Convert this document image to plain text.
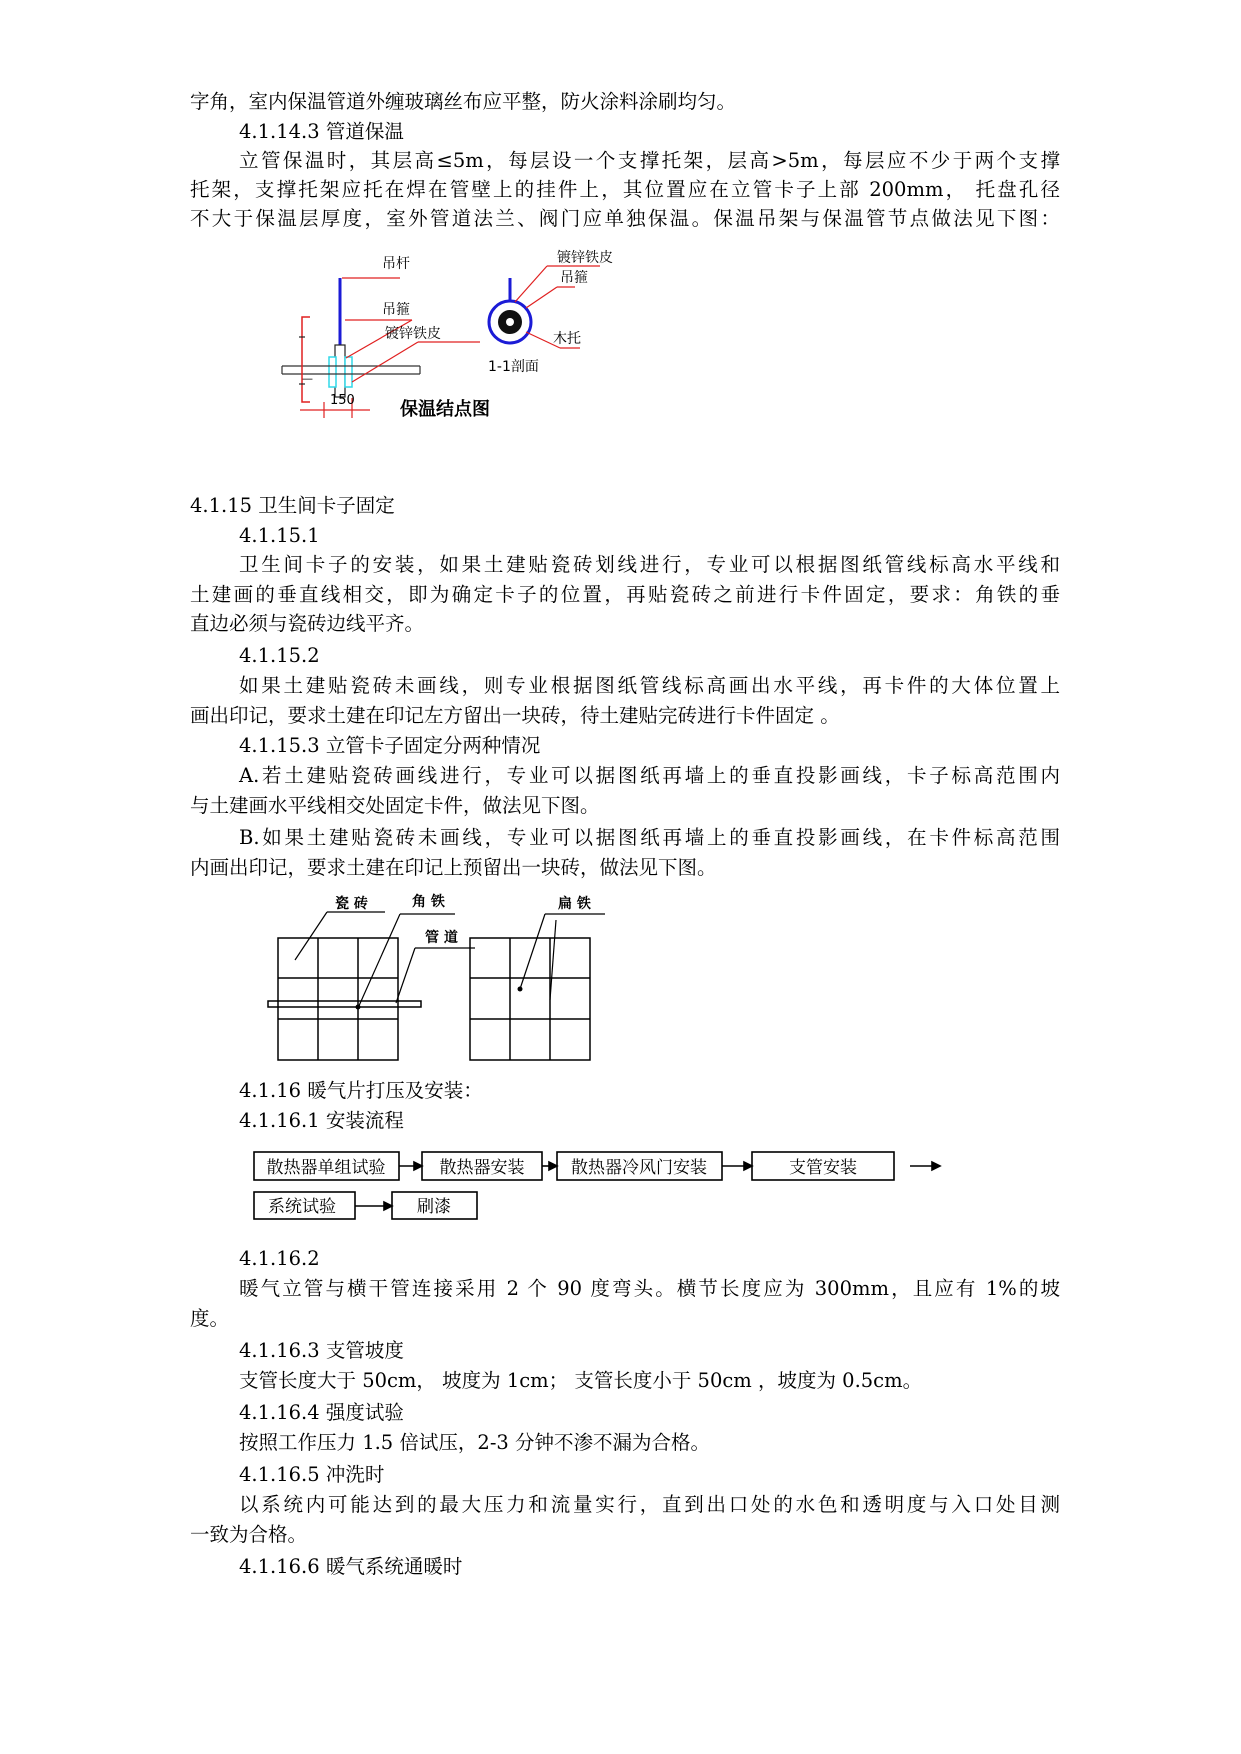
字角，室内保温管道外缠玻璃丝布应平整，防火涂料涂刷均匀。
4.1.14.3 管道保温
立管保温时，其层高≤5m，每层设一个支撑托架，层高>5m，每层应不少于两个支撑
托架，支撑托架应托在焊在管壁上的挂件上，其位置应在立管卡子上部 200mm， 托盘孔径
不大于保温层厚度，室外管道法兰、阀门应单独保温。保温吊架与保温管节点做法见下图：
吊杆
吊箍
镀锌铁皮
150
—
镀锌铁皮
吊箍
木托
1-1剖面
保温结点图
4.1.15 卫生间卡子固定
4.1.15.1
卫生间卡子的安装，如果土建贴瓷砖划线进行，专业可以根据图纸管线标高水平线和
土建画的垂直线相交，即为确定卡子的位置，再贴瓷砖之前进行卡件固定，要求：角铁的垂
直边必须与瓷砖边线平齐。
4.1.15.2
如果土建贴瓷砖未画线，则专业根据图纸管线标高画出水平线，再卡件的大体位置上
画出印记，要求土建在印记左方留出一块砖，待土建贴完砖进行卡件固定 。
4.1.15.3 立管卡子固定分两种情况
A.若土建贴瓷砖画线进行，专业可以据图纸再墙上的垂直投影画线，卡子标高范围内
与土建画水平线相交处固定卡件，做法见下图。
B.如果土建贴瓷砖未画线，专业可以据图纸再墙上的垂直投影画线，在卡件标高范围
内画出印记，要求土建在印记上预留出一块砖，做法见下图。
瓷 砖	角 铁
管 道
扁 铁
4.1.16 暖气片打压及安装：
4.1.16.1 安装流程
散热器单组试验	散热器安装	散热器冷风门安装	支管安装
系统试验	刷漆
4.1.16.2
暖气立管与横干管连接采用 2 个 90 度弯头。横节长度应为 300mm，且应有 1%的坡
度。
4.1.16.3 支管坡度
支管长度大于 50cm， 坡度为 1cm； 支管长度小于 50cm ，坡度为 0.5cm。
4.1.16.4 强度试验
按照工作压力 1.5 倍试压，2-3 分钟不渗不漏为合格。
4.1.16.5 冲洗时
以系统内可能达到的最大压力和流量实行，直到出口处的水色和透明度与入口处目测
一致为合格。
4.1.16.6 暖气系统通暖时
